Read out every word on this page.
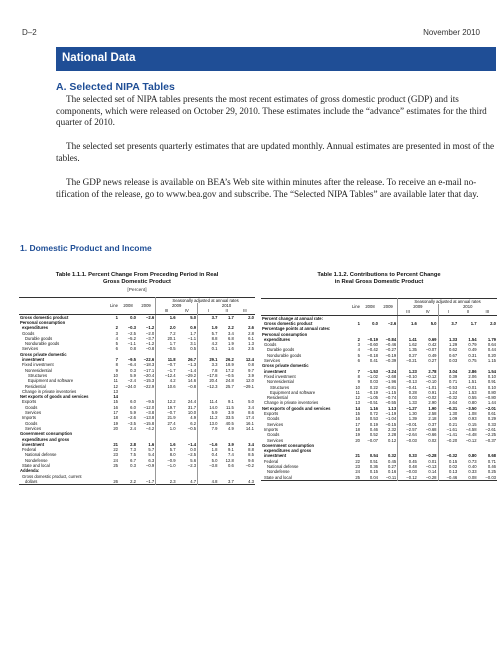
D–2	November 2010
National Data
A. Selected NIPA Tables
The selected set of NIPA tables presents the most recent estimates of gross domestic product (GDP) and its components, which were released on October 29, 2010. These estimates include the “advance” estimates for the third quarter of 2010.
The selected set presents quarterly estimates that are updated monthly. Annual estimates are presented in most of the tables.
The GDP news release is available on BEA’s Web site within minutes after the release. To receive an e-mail notification of the release, go to www.bea.gov and subscribe. The “Selected NIPA Tables” are available later that day.
1. Domestic Product and Income
Table 1.1.1. Percent Change From Preceding Period in Real
Gross Domestic Product
[Percent]
	Line	2008	2009	Seasonally adjusted at annual rates				
				2009		2010		
				III	IV	I	II	III
Gross domestic product	1	0.0	–2.6	1.6	5.0	3.7	1.7	2.0
Personal consumption								
expenditures	2	–0.3	–1.2	2.0	0.9	1.9	2.2	2.6
Goods	3	–2.5	–2.0	7.2	1.7	5.7	3.4	2.8
Durable goods	4	–5.2	–3.7	20.1	–1.1	8.8	6.8	6.1
Nondurable goods	5	–1.1	–1.2	1.7	3.1	4.2	1.9	1.3
Services	6	0.8	–0.8	–0.5	0.5	0.1	1.6	2.5
Gross private domestic								
investment	7	–9.5	–22.6	11.8	26.7	29.1	26.2	12.4
Fixed investment	8	–6.4	–18.3	–0.7	–1.3	3.3	18.9	0.8
Nonresidential	9	0.3	–17.1	–1.7	–1.4	7.8	17.2	9.7
Structures	10	5.9	–20.4	–12.4	–29.2	–17.8	–0.5	3.9
Equipment and software	11	–2.4	–15.3	4.2	14.6	20.4	24.8	12.0
Residential	12	–24.0	–22.9	10.6	–0.8	–12.3	25.7	–29.1
Change in private inventories	13							
Net exports of goods and services	14							
Exports	15	6.0	–9.5	12.2	24.4	11.4	9.1	5.0
Goods	16	6.0	–12.0	19.7	31.7	14.0	11.5	3.4
Services	17	5.9	–3.8	–0.7	10.0	5.9	3.9	8.6
Imports	18	–2.6	–13.8	21.9	4.9	11.2	33.5	17.4
Goods	19	–3.5	–15.8	27.4	6.2	13.0	40.5	16.1
Services	20	2.4	–4.2	1.0	–0.5	7.9	4.9	14.1
Government consumption								
expenditures and gross								
investment	21	2.8	1.6	1.6	–1.4	–1.6	3.9	3.4
Federal	22	7.3	5.7	5.7	0.0	1.8	9.1	8.8
National defense	23	7.5	5.4	8.0	–2.5	0.4	7.4	8.5
Nondefense	24	6.7	6.3	–0.9	5.6	5.0	12.8	9.6
State and local	25	0.3	–0.9	–1.0	–2.3	–3.8	0.6	–0.2
Addenda:								
Gross domestic product, current								
dollars	26	2.2	–1.7	2.3	4.7	4.8	3.7	4.3
Table 1.1.2. Contributions to Percent Change
in Real Gross Domestic Product
	Line	2008	2009	Seasonally adjusted at annual rates				
				2009		2010		
				III	IV	I	II	III
Percent change at annual rate:								
Gross domestic product	1	0.0	–2.6	1.6	5.0	3.7	1.7	2.0
Percentage points at annual rates:								
Personal consumption								
expenditures	2	–0.19	–0.84	1.41	0.69	1.33	1.54	1.79
Goods	3	–0.60	–0.46	1.62	0.42	1.29	0.79	0.64
Durable goods	4	–0.42	–0.27	1.35	–0.07	0.62	0.49	0.44
Nondurable goods	5	–0.18	–0.19	0.27	0.49	0.67	0.31	0.20
Services	6	0.41	–0.39	–0.21	0.27	0.03	0.75	1.15
Gross private domestic								
investment	7	–1.53	–3.24	1.23	2.78	3.04	2.86	1.54
Fixed investment	8	–1.02	–2.68	–0.10	–0.12	0.39	2.06	0.10
Nonresidential	9	0.03	–1.96	–0.13	–0.10	0.71	1.51	0.91
Structures	10	0.22	–0.81	–0.41	–1.01	–0.53	–0.01	0.10
Equipment and software	11	–0.19	–1.15	0.28	0.91	1.24	1.53	0.80
Residential	12	–1.05	–0.74	0.03	–0.02	–0.32	0.55	–0.80
Change in private inventories	13	–0.51	–0.55	1.33	2.90	2.64	0.80	1.44
Net exports of goods and services	14	1.16	1.13	–1.27	1.90	–0.31	–3.50	–2.01
Exports	15	0.72	–1.19	1.30	2.58	1.30	1.08	0.61
Goods	16	0.53	–1.04	1.39	2.18	1.09	0.93	0.29
Services	17	0.19	–0.15	–0.01	0.37	0.21	0.15	0.33
Imports	18	0.46	2.32	–2.57	–0.68	–1.61	–4.58	–2.61
Goods	19	0.52	2.28	–2.64	–0.66	–1.41	–4.48	–2.25
Services	20	–0.07	0.12	–0.03	0.02	–0.20	–0.12	–0.37
Government consumption								
expenditures and gross								
investment	21	0.54	0.32	0.33	–0.28	–0.32	0.80	0.68
Federal	22	0.51	0.45	0.45	0.01	0.15	0.73	0.71
National defense	23	0.36	0.27	0.48	–0.13	0.02	0.40	0.46
Nondefense	24	0.15	0.16	–0.03	0.14	0.13	0.33	0.25
State and local	25	0.04	–0.11	–0.12	–0.28	–0.46	0.08	–0.03
